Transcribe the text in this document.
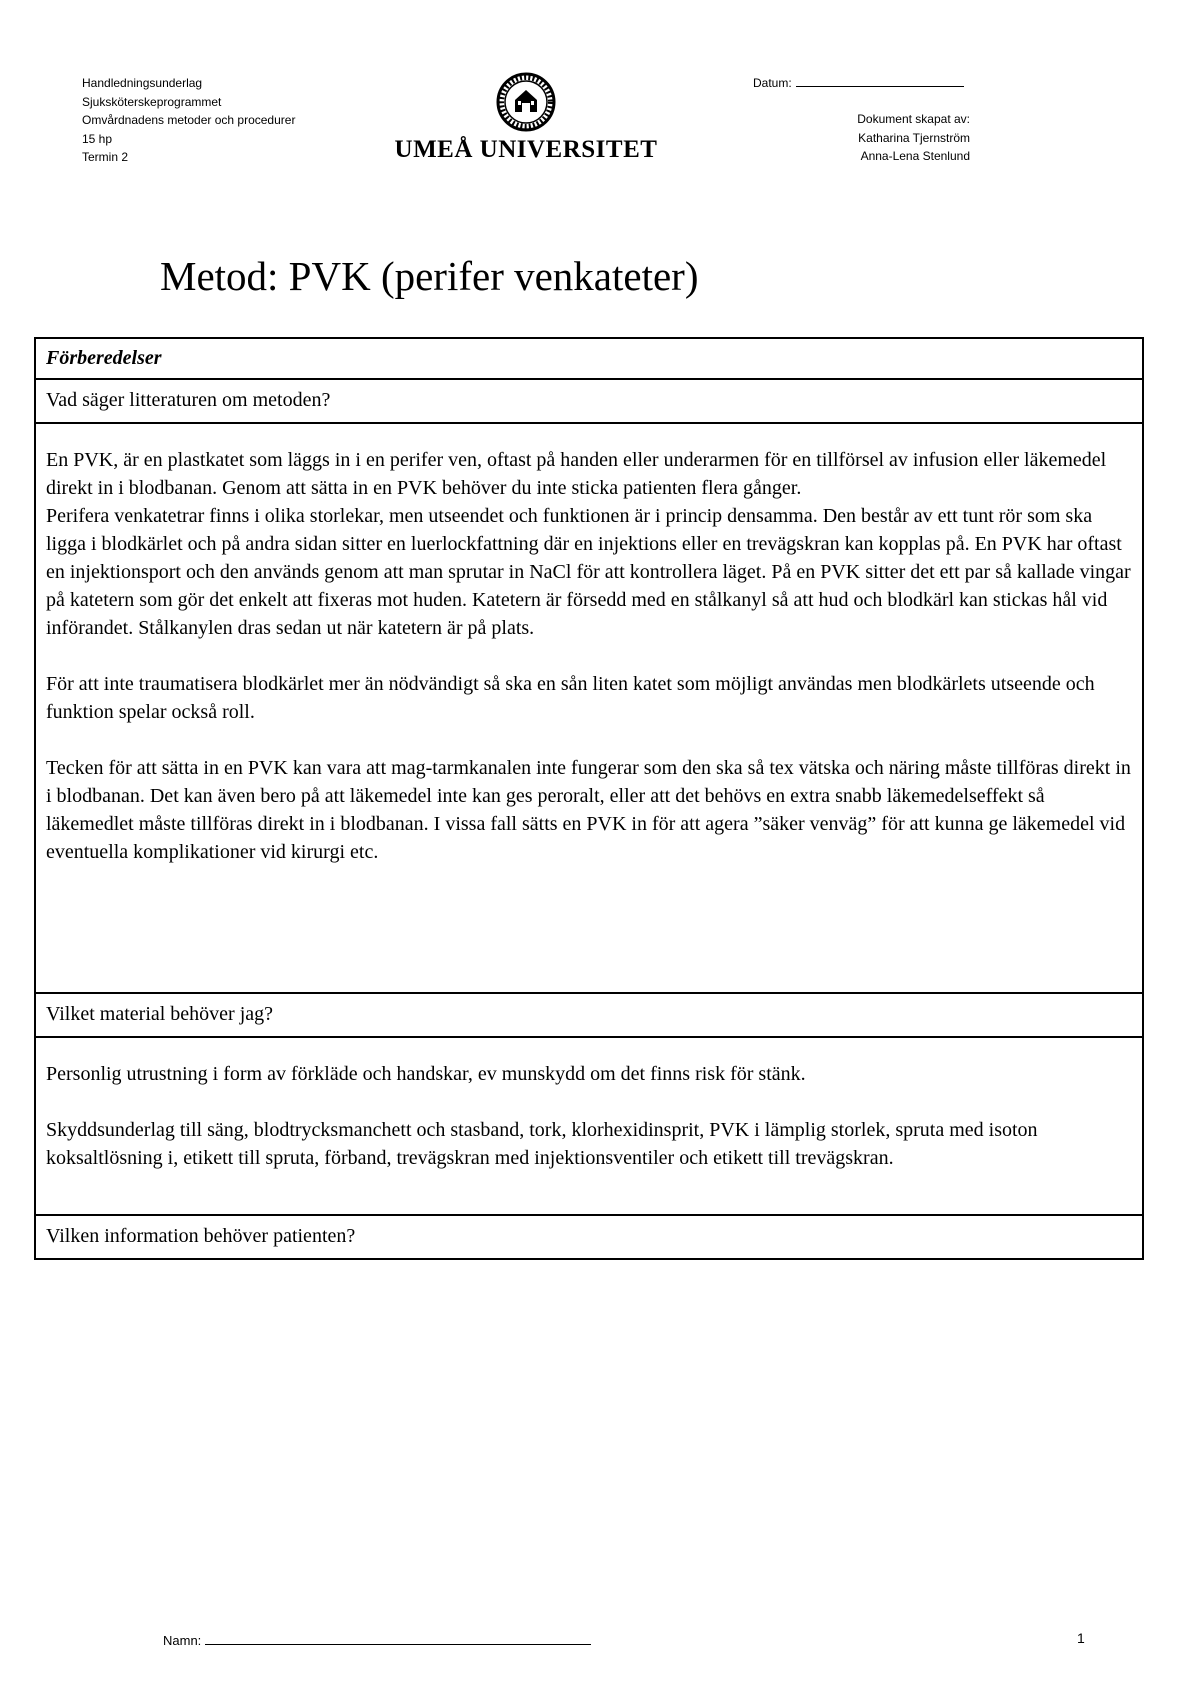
Handledningsunderlag
Sjuksköterskeprogrammet
Omvårdnadens metoder och procedurer
15 hp
Termin 2	UMEÅ UNIVERSITET
Datum:
Dokument skapat av:
Katharina Tjernström
Anna-Lena Stenlund
Metod: PVK (perifer venkateter)
Förberedelser
Vad säger litteraturen om metoden?

En PVK, är en plastkatet som läggs in i en perifer ven, oftast på handen eller underarmen för en tillförsel av infusion eller läkemedel direkt in i blodbanan. Genom att sätta in en PVK behöver du inte sticka patienten flera gånger.
Perifera venkatetrar finns i olika storlekar, men utseendet och funktionen är i princip densamma. Den består av ett tunt rör som ska ligga i blodkärlet och på andra sidan sitter en luerlockfattning där en injektions eller en trevägskran kan kopplas på. En PVK har oftast en injektionsport och den används genom att man sprutar in NaCl för att kontrollera läget. På en PVK sitter det ett par så kallade vingar på katetern som gör det enkelt att fixeras mot huden. Katetern är försedd med en stålkanyl så att hud och blodkärl kan stickas hål vid införandet. Stålkanylen dras sedan ut när katetern är på plats.

För att inte traumatisera blodkärlet mer än nödvändigt så ska en sån liten katet som möjligt användas men blodkärlets utseende och funktion spelar också roll.

Tecken för att sätta in en PVK kan vara att mag-tarmkanalen inte fungerar som den ska så tex vätska och näring måste tillföras direkt in i blodbanan. Det kan även bero på att läkemedel inte kan ges peroralt, eller att det behövs en extra snabb läkemedelseffekt så läkemedlet måste tillföras direkt in i blodbanan. I vissa fall sätts en PVK in för att agera ”säker venväg” för att kunna ge läkemedel vid eventuella komplikationer vid kirurgi etc.

Vilket material behöver jag?

Personlig utrustning i form av förkläde och handskar, ev munskydd om det finns risk för stänk.

Skyddsunderlag till säng, blodtrycksmanchett och stasband, tork, klorhexidinsprit, PVK i lämplig storlek, spruta med isoton koksaltlösning i, etikett till spruta, förband, trevägskran med injektionsventiler och etikett till trevägskran.

Vilken information behöver patienten?
Namn:	1
